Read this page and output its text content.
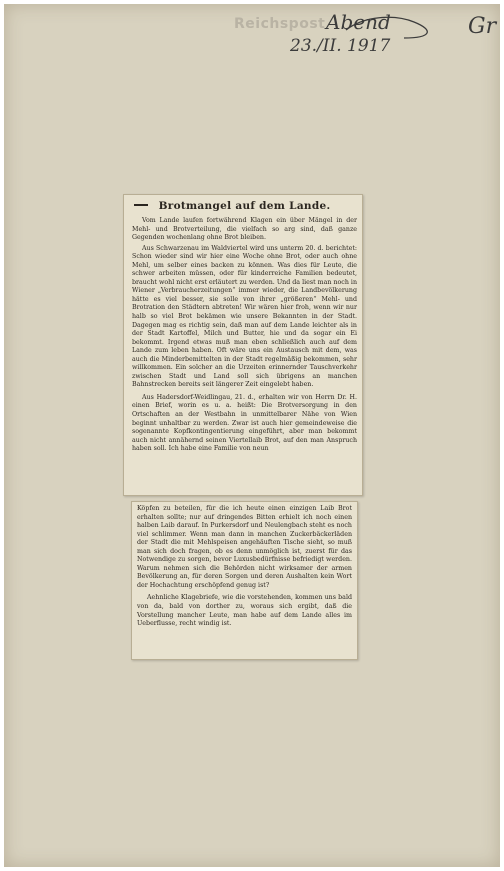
Reichspost Abend
23./II. 1917
Gr
Brotmangel auf dem Lande.

Vom Lande laufen fortwährend Klagen ein über Mängel in der Mehl- und Brotverteilung, die vielfach so arg sind, daß ganze Gegenden wochenlang ohne Brot bleiben.

Aus Schwarzenau im Waldviertel wird uns unterm 20. d. berichtet: Schon wieder sind wir hier eine Woche ohne Brot, oder auch ohne Mehl, um selber eines backen zu können. Was dies für Leute, die schwer arbeiten müssen, oder für kinderreiche Familien bedeutet, braucht wohl nicht erst erläutert zu werden. Und da liest man noch in Wiener „Verbraucherzeitungen“ immer wieder, die Landbevölkerung hätte es viel besser, sie solle von ihrer „größeren“ Mehl- und Brotration den Städtern abtreten! Wir wären hier froh, wenn wir nur halb so viel Brot bekämen wie unsere Bekannten in der Stadt. Dagegen mag es richtig sein, daß man auf dem Lande leichter als in der Stadt Kartoffel, Milch und Butter, hie und da sogar ein Ei bekommt. Irgend etwas muß man eben schließlich auch auf dem Lande zum leben haben. Oft wäre uns ein Austausch mit dem, was auch die Minderbemittelten in der Stadt regelmäßig bekommen, sehr willkommen. Ein solcher an die Urzeiten erinnernder Tauschverkehr zwischen Stadt und Land soll sich übrigens an manchen Bahnstrecken bereits seit längerer Zeit eingelebt haben.

Aus Hadersdorf-Weidlingau, 21. d., erhalten wir von Herrn Dr. H. einen Brief, worin es u. a. heißt: Die Brotversorgung in den Ortschaften an der Westbahn in unmittelbarer Nähe von Wien beginnt unhaltbar zu werden. Zwar ist auch hier gemeindeweise die sogenannte Kopfkontingentierung eingeführt, aber man bekommt auch nicht annähernd seinen Viertellaib Brot, auf den man Anspruch haben soll. Ich habe eine Familie von neun

Köpfen zu beteilen, für die ich heute einen einzigen Laib Brot erhalten sollte; nur auf dringendes Bitten erhielt ich noch einen halben Laib darauf. In Purkersdorf und Neulengbach steht es noch viel schlimmer. Wenn man dann in manchen Zuckerbäckerläden der Stadt die mit Mehlspeisen angehäuften Tische sieht, so muß man sich doch fragen, ob es denn unmöglich ist, zuerst für das Notwendige zu sorgen, bevor Luxusbedürfnisse befriedigt werden. Warum nehmen sich die Behörden nicht wirksamer der armen Bevölkerung an, für deren Sorgen und deren Aushalten kein Wort der Hochachtung erschöpfend genug ist?

Aehnliche Klagebriefe, wie die vorstehenden, kommen uns bald von da, bald von dorther zu, woraus sich ergibt, daß die Vorstellung mancher Leute, man habe auf dem Lande alles im Ueberflusse, recht windig ist.
